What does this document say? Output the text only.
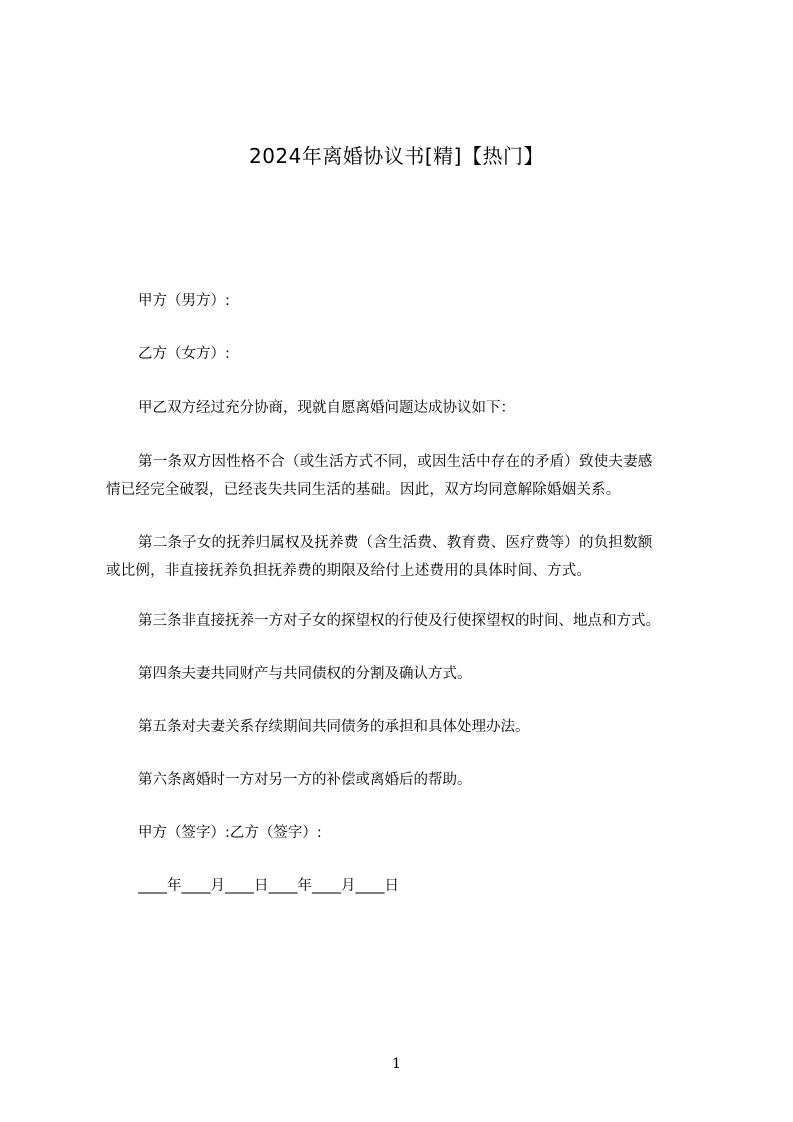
2024年离婚协议书[精]【热门】
甲方（男方）:
乙方（女方）:
甲乙双方经过充分协商，现就自愿离婚问题达成协议如下：
第一条双方因性格不合（或生活方式不同，或因生活中存在的矛盾）致使夫妻感
情已经完全破裂，已经丧失共同生活的基础。因此，双方均同意解除婚姻关系。
第二条子女的抚养归属权及抚养费（含生活费、教育费、医疗费等）的负担数额
或比例，非直接抚养负担抚养费的期限及给付上述费用的具体时间、方式。
第三条非直接抚养一方对子女的探望权的行使及行使探望权的时间、地点和方式。
第四条夫妻共同财产与共同债权的分割及确认方式。
第五条对夫妻关系存续期间共同债务的承担和具体处理办法。
第六条离婚时一方对另一方的补偿或离婚后的帮助。
甲方（签字）:乙方（签字）:
____年____月____日____年____月____日
1
